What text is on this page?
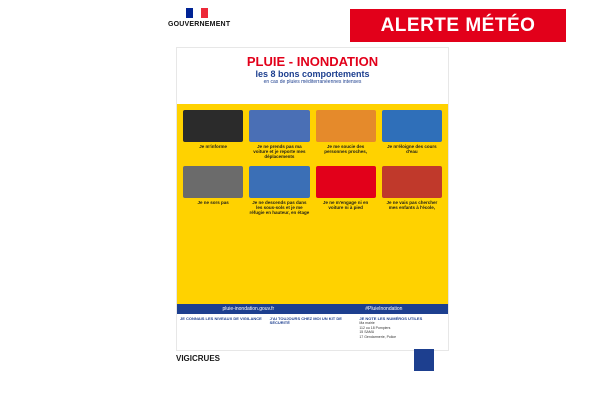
GOUVERNEMENT	ALERTE MÉTÉO
PLUIE - INONDATION
les 8 bons comportements
en cas de pluies méditerranéennes intenses
Je m'informe	Je ne prends pas ma voiture et je reporte mes déplacements
Je me soucie des personnes proches,
Je m'éloigne des cours d'eau
Je ne sors pas	Je ne descends pas dans les sous-sols et je me réfugie en hauteur, en étage
Je ne m'engage ni en voiture ni à pied
Je ne vais pas chercher mes enfants à l'école,
pluie-inondation.gouv.fr	#PluieInondation
JE CONNAIS LES NIVEAUX DE VIGILANCE	J'AI TOUJOURS CHEZ MOI UN KIT DE SÉCURITÉ
JE NOTE LES NUMÉROS UTILES
Ma mairie
112 ou 18 Pompiers
15 SAMU
17 Gendarmerie, Police
VIGICRUES
